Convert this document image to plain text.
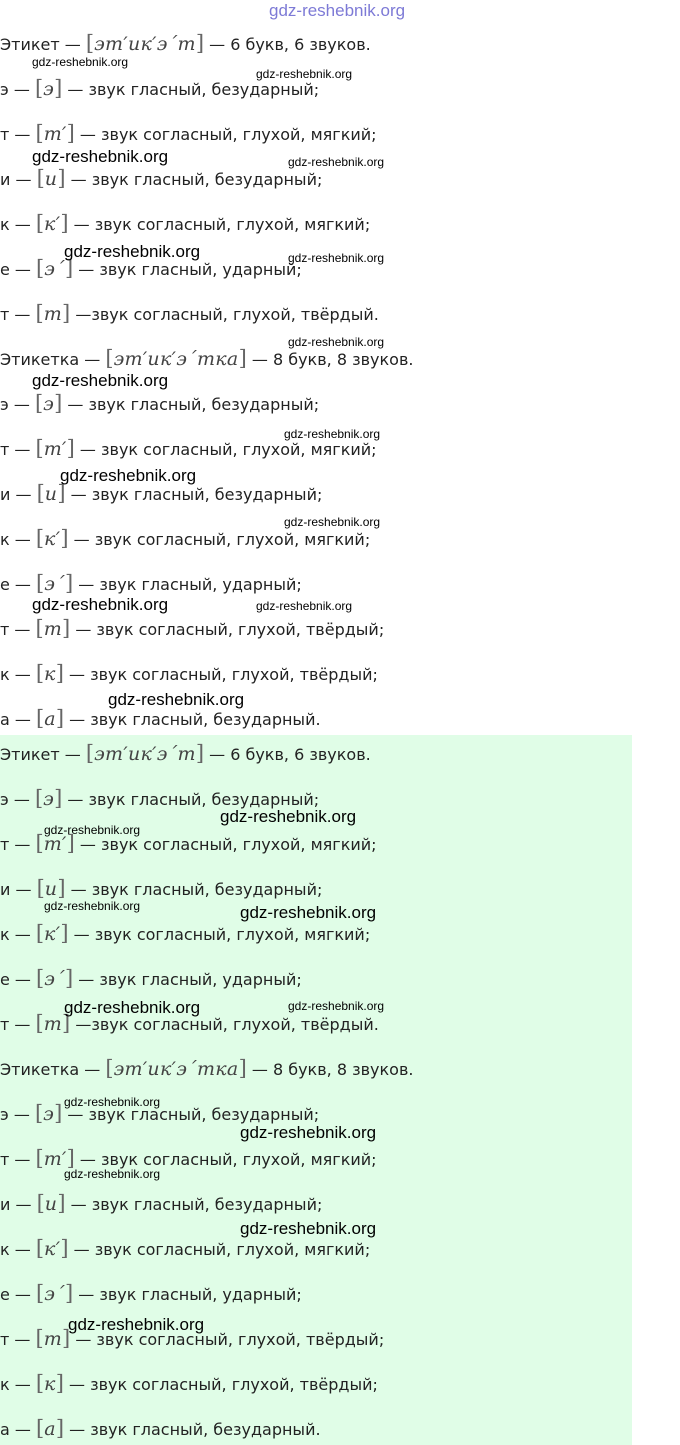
Этикет — [эт′ик′э´т] — 6 букв, 6 звуков.
э — [э] — звук гласный, безударный;
т — [т′] — звук согласный, глухой, мягкий;
и — [и] — звук гласный, безударный;
к — [к′] — звук согласный, глухой, мягкий;
е — [э´] — звук гласный, ударный;
т — [т] —звук согласный, глухой, твёрдый.
Этикетка — [эт′ик′э´тка] — 8 букв, 8 звуков.
э — [э] — звук гласный, безударный;
т — [т′] — звук согласный, глухой, мягкий;
и — [и] — звук гласный, безударный;
к — [к′] — звук согласный, глухой, мягкий;
е — [э´] — звук гласный, ударный;
т — [т] — звук согласный, глухой, твёрдый;
к — [к] — звук согласный, глухой, твёрдый;
а — [а] — звук гласный, безударный.
Этикет — [эт′ик′э´т] — 6 букв, 6 звуков.
э — [э] — звук гласный, безударный;
т — [т′] — звук согласный, глухой, мягкий;
и — [и] — звук гласный, безударный;
к — [к′] — звук согласный, глухой, мягкий;
е — [э´] — звук гласный, ударный;
т — [т] —звук согласный, глухой, твёрдый.
Этикетка — [эт′ик′э´тка] — 8 букв, 8 звуков.
э — [э] — звук гласный, безударный;
т — [т′] — звук согласный, глухой, мягкий;
и — [и] — звук гласный, безударный;
к — [к′] — звук согласный, глухой, мягкий;
е — [э´] — звук гласный, ударный;
т — [т] — звук согласный, глухой, твёрдый;
к — [к] — звук согласный, глухой, твёрдый;
а — [а] — звук гласный, безударный.
gdz-reshebnik.org
gdz-reshebnik.org
gdz-reshebnik.org
gdz-reshebnik.org	gdz-reshebnik.org
gdz-reshebnik.org	gdz-reshebnik.org
gdz-reshebnik.org
gdz-reshebnik.org
gdz-reshebnik.org
gdz-reshebnik.org
gdz-reshebnik.org
gdz-reshebnik.org	gdz-reshebnik.org
gdz-reshebnik.org
gdz-reshebnik.org
gdz-reshebnik.org
gdz-reshebnik.org	gdz-reshebnik.org
gdz-reshebnik.org	gdz-reshebnik.org
gdz-reshebnik.org
gdz-reshebnik.org
gdz-reshebnik.org
gdz-reshebnik.org
gdz-reshebnik.org
